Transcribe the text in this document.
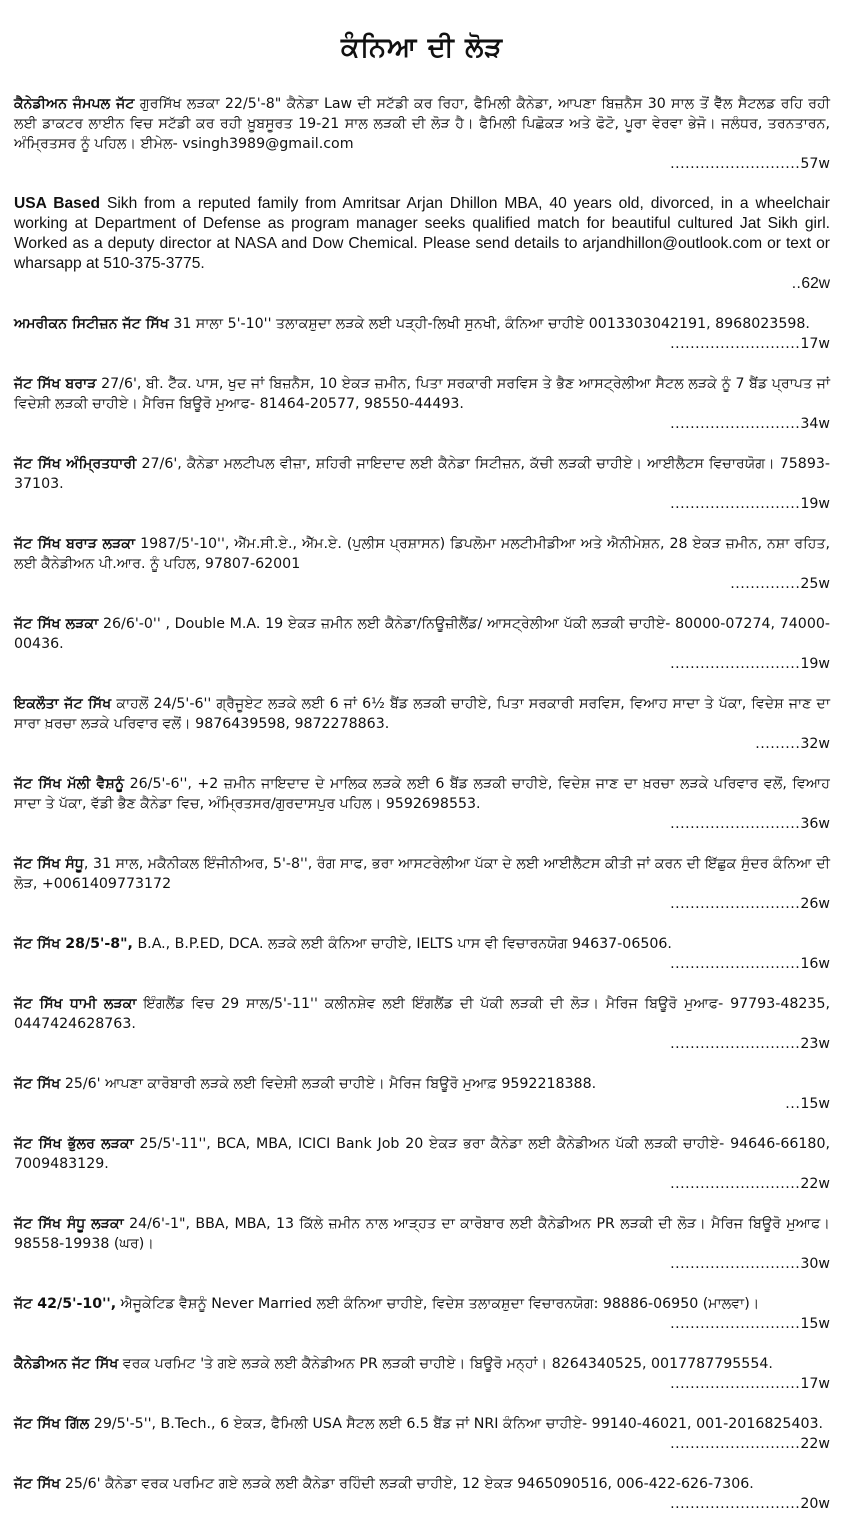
ਕੰਨਿਆ ਦੀ ਲੋੜ
ਕੈਨੇਡੀਅਨ ਜੰਮਪਲ ਜੱਟ ਗੁਰਸਿੱਖ ਲੜਕਾ 22/5'-8" ਕੈਨੇਡਾ Law ਦੀ ਸਟੱਡੀ ਕਰ ਰਿਹਾ, ਫੈਮਿਲੀ ਕੈਨੇਡਾ, ਆਪਣਾ ਬਿਜ਼ਨੈਸ 30 ਸਾਲ ਤੋਂ ਵੈੱਲ ਸੈਟਲਡ ਰਹਿ ਰਹੀ ਲਈ ਡਾਕਟਰ ਲਾਈਨ ਵਿਚ ਸਟੱਡੀ ਕਰ ਰਹੀ ਖ਼ੂਬਸੂਰਤ 19-21 ਸਾਲ ਲੜਕੀ ਦੀ ਲੋੜ ਹੈ। ਫੈਮਿਲੀ ਪਿਛੋਕੜ ਅਤੇ ਫੋਟੋ, ਪੂਰਾ ਵੇਰਵਾ ਭੇਜੋ। ਜਲੰਧਰ, ਤਰਨਤਾਰਨ, ਅੰਮ੍ਰਿਤਸਰ ਨੂੰ ਪਹਿਲ। ਈਮੇਲ- vsingh3989@gmail.com
..........................57w
USA Based Sikh from a reputed family from Amritsar Arjan Dhillon MBA, 40 years old, divorced, in a wheelchair working at Department of Defense as program manager seeks qualified match for beautiful cultured Jat Sikh girl. Worked as a deputy director at NASA and Dow Chemical. Please send details to arjandhillon@outlook.com or text or wharsapp at 510-375-3775.
..62w
ਅਮਰੀਕਨ ਸਿਟੀਜ਼ਨ ਜੱਟ ਸਿੱਖ 31 ਸਾਲਾ 5'-10'' ਤਲਾਕਸ਼ੁਦਾ ਲੜਕੇ ਲਈ ਪੜ੍ਹੀ-ਲਿਖੀ ਸੁਨਖੀ, ਕੰਨਿਆ ਚਾਹੀਏ 0013303042191, 8968023598.
..........................17w
ਜੱਟ ਸਿੱਖ ਬਰਾੜ 27/6', ਬੀ. ਟੈੱਕ. ਪਾਸ, ਖੁਦ ਜਾਂ ਬਿਜ਼ਨੈਸ, 10 ਏਕੜ ਜ਼ਮੀਨ, ਪਿਤਾ ਸਰਕਾਰੀ ਸਰਵਿਸ ਤੇ ਭੈਣ ਆਸਟ੍ਰੇਲੀਆ ਸੈਟਲ ਲੜਕੇ ਨੂੰ 7 ਬੈਂਡ ਪ੍ਰਾਪਤ ਜਾਂ ਵਿਦੇਸ਼ੀ ਲੜਕੀ ਚਾਹੀਏ। ਮੈਰਿਜ ਬਿਊਰੋ ਮੁਆਫ- 81464-20577, 98550-44493.
..........................34w
ਜੱਟ ਸਿੱਖ ਅੰਮ੍ਰਿਤਧਾਰੀ 27/6', ਕੈਨੇਡਾ ਮਲਟੀਪਲ ਵੀਜ਼ਾ, ਸ਼ਹਿਰੀ ਜਾਇਦਾਦ ਲਈ ਕੈਨੇਡਾ ਸਿਟੀਜ਼ਨ, ਕੱਚੀ ਲੜਕੀ ਚਾਹੀਏ। ਆਈਲੈਟਸ ਵਿਚਾਰਯੋਗ। 75893-37103.
..........................19w
ਜੱਟ ਸਿੱਖ ਬਰਾੜ ਲੜਕਾ 1987/5'-10'', ਐੱਮ.ਸੀ.ਏ., ਐੱਮ.ਏ. (ਪੁਲੀਸ ਪ੍ਰਸ਼ਾਸਨ) ਡਿਪਲੋਮਾ ਮਲਟੀਮੀਡੀਆ ਅਤੇ ਐਨੀਮੇਸ਼ਨ, 28 ਏਕੜ ਜ਼ਮੀਨ, ਨਸ਼ਾ ਰਹਿਤ, ਲਈ ਕੈਨੇਡੀਅਨ ਪੀ.ਆਰ. ਨੂੰ ਪਹਿਲ, 97807-62001
..............25w
ਜੱਟ ਸਿੱਖ ਲੜਕਾ 26/6'-0'' , Double M.A. 19 ਏਕੜ ਜ਼ਮੀਨ ਲਈ ਕੈਨੇਡਾ/ਨਿਊਜ਼ੀਲੈਂਡ/ ਆਸਟ੍ਰੇਲੀਆ ਪੱਕੀ ਲੜਕੀ ਚਾਹੀਏ- 80000-07274, 74000-00436.
..........................19w
ਇਕਲੌਤਾ ਜੱਟ ਸਿੱਖ ਕਾਹਲੋਂ 24/5'-6'' ਗ੍ਰੈਜੂਏਟ ਲੜਕੇ ਲਈ 6 ਜਾਂ 6½ ਬੈਂਡ ਲੜਕੀ ਚਾਹੀਏ, ਪਿਤਾ ਸਰਕਾਰੀ ਸਰਵਿਸ, ਵਿਆਹ ਸਾਦਾ ਤੇ ਪੱਕਾ, ਵਿਦੇਸ਼ ਜਾਣ ਦਾ ਸਾਰਾ ਖ਼ਰਚਾ ਲੜਕੇ ਪਰਿਵਾਰ ਵਲੋਂ। 9876439598, 9872278863.
.........32w
ਜੱਟ ਸਿੱਖ ਮੱਲੀ ਵੈਸ਼ਨੂੰ 26/5'-6'', +2 ਜ਼ਮੀਨ ਜਾਇਦਾਦ ਦੇ ਮਾਲਿਕ ਲੜਕੇ ਲਈ 6 ਬੈਂਡ ਲੜਕੀ ਚਾਹੀਏ, ਵਿਦੇਸ਼ ਜਾਣ ਦਾ ਖ਼ਰਚਾ ਲੜਕੇ ਪਰਿਵਾਰ ਵਲੋਂ, ਵਿਆਹ ਸਾਦਾ ਤੇ ਪੱਕਾ, ਵੱਡੀ ਭੈਣ ਕੈਨੇਡਾ ਵਿਚ, ਅੰਮ੍ਰਿਤਸਰ/ਗੁਰਦਾਸਪੁਰ ਪਹਿਲ। 9592698553.
..........................36w
ਜੱਟ ਸਿੱਖ ਸੰਧੂ, 31 ਸਾਲ, ਮਕੈਨੀਕਲ ਇੰਜੀਨੀਅਰ, 5'-8'', ਰੰਗ ਸਾਫ, ਭਰਾ ਆਸਟਰੇਲੀਆ ਪੱਕਾ ਦੇ ਲਈ ਆਈਲੈਟਸ ਕੀਤੀ ਜਾਂ ਕਰਨ ਦੀ ਇੱਛੁਕ ਸੁੰਦਰ ਕੰਨਿਆ ਦੀ ਲੋੜ, +0061409773172
..........................26w
ਜੱਟ ਸਿੱਖ 28/5'-8", B.A., B.P.ED, DCA. ਲੜਕੇ ਲਈ ਕੰਨਿਆ ਚਾਹੀਏ, IELTS ਪਾਸ ਵੀ ਵਿਚਾਰਨਯੋਗ 94637-06506.
..........................16w
ਜੱਟ ਸਿੱਖ ਧਾਮੀ ਲੜਕਾ ਇੰਗਲੈਂਡ ਵਿਚ 29 ਸਾਲ/5'-11'' ਕਲੀਨਸ਼ੇਵ ਲਈ ਇੰਗਲੈਂਡ ਦੀ ਪੱਕੀ ਲੜਕੀ ਦੀ ਲੋੜ। ਮੈਰਿਜ ਬਿਊਰੋ ਮੁਆਫ- 97793-48235, 0447424628763.
..........................23w
ਜੱਟ ਸਿੱਖ 25/6' ਆਪਣਾ ਕਾਰੋਬਾਰੀ ਲੜਕੇ ਲਈ ਵਿਦੇਸ਼ੀ ਲੜਕੀ ਚਾਹੀਏ। ਮੈਰਿਜ ਬਿਊਰੋ ਮੁਆਫ਼ 9592218388.
...15w
ਜੱਟ ਸਿੱਖ ਭੁੱਲਰ ਲੜਕਾ 25/5'-11'', BCA, MBA, ICICI Bank Job 20 ਏਕੜ ਭਰਾ ਕੈਨੇਡਾ ਲਈ ਕੈਨੇਡੀਅਨ ਪੱਕੀ ਲੜਕੀ ਚਾਹੀਏ- 94646-66180, 7009483129.
..........................22w
ਜੱਟ ਸਿੱਖ ਸੰਧੂ ਲੜਕਾ 24/6'-1", BBA, MBA, 13 ਕਿੱਲੇ ਜ਼ਮੀਨ ਨਾਲ ਆੜ੍ਹਤ ਦਾ ਕਾਰੋਬਾਰ ਲਈ ਕੈਨੇਡੀਅਨ PR ਲੜਕੀ ਦੀ ਲੋੜ। ਮੈਰਿਜ ਬਿਊਰੋ ਮੁਆਫ। 98558-19938 (ਘਰ)।
..........................30w
ਜੱਟ 42/5'-10'', ਐਜੂਕੇਟਿਡ ਵੈਸ਼ਨੂੰ Never Married ਲਈ ਕੰਨਿਆ ਚਾਹੀਏ, ਵਿਦੇਸ਼ ਤਲਾਕਸ਼ੁਦਾ ਵਿਚਾਰਨਯੋਗ: 98886-06950 (ਮਾਲਵਾ)।
..........................15w
ਕੈਨੇਡੀਅਨ ਜੱਟ ਸਿੱਖ ਵਰਕ ਪਰਮਿਟ 'ਤੇ ਗਏ ਲੜਕੇ ਲਈ ਕੈਨੇਡੀਅਨ PR ਲੜਕੀ ਚਾਹੀਏ। ਬਿਊਰੋ ਮਨ੍ਹਾਂ। 8264340525, 0017787795554.
..........................17w
ਜੱਟ ਸਿੱਖ ਗਿੱਲ 29/5'-5'', B.Tech., 6 ਏਕੜ, ਫੈਮਿਲੀ USA ਸੈਟਲ ਲਈ 6.5 ਬੈਂਡ ਜਾਂ NRI ਕੰਨਿਆ ਚਾਹੀਏ- 99140-46021, 001-2016825403.
..........................22w
ਜੱਟ ਸਿੱਖ 25/6' ਕੈਨੇਡਾ ਵਰਕ ਪਰਮਿਟ ਗਏ ਲੜਕੇ ਲਈ ਕੈਨੇਡਾ ਰਹਿੰਦੀ ਲੜਕੀ ਚਾਹੀਏ, 12 ਏਕੜ 9465090516, 006-422-626-7306.
..........................20w
